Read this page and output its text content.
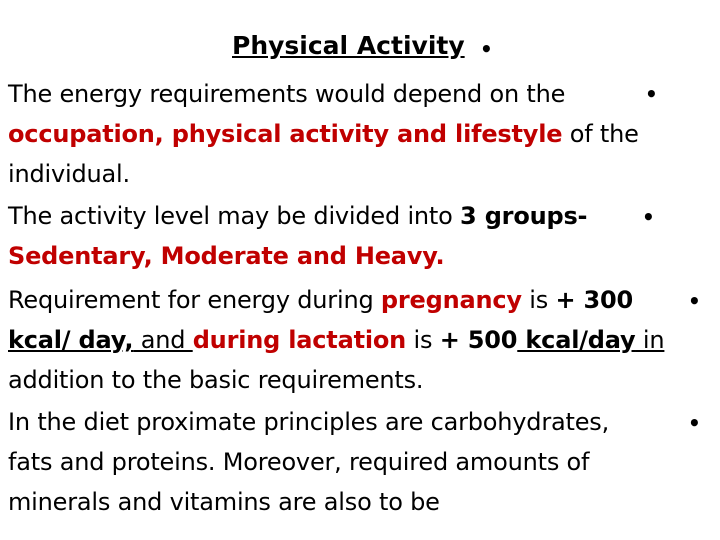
Physical Activity •
The energy requirements would depend on the
occupation, physical activity and lifestyle of the
individual.
•
The activity level may be divided into 3 groups-
Sedentary, Moderate and Heavy.
•
Requirement for energy during pregnancy is + 300
kcal/ day, and during lactation is + 500 kcal/day in
addition to the basic requirements.
•
In the diet proximate principles are carbohydrates,
fats and proteins. Moreover, required amounts of
minerals and vitamins are also to be
•
